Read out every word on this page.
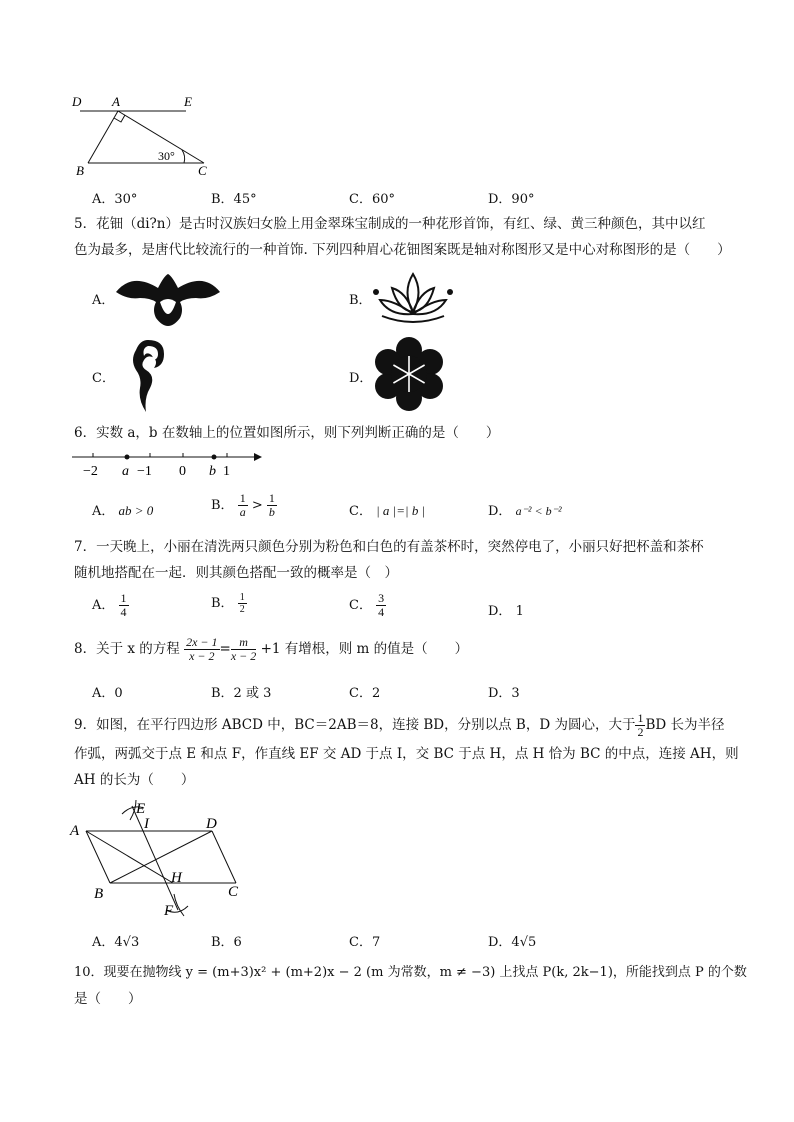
D A	E
B	C
30°
A．30°	B．45°	C．60°	D．90°
5．花钿（di?n）是古时汉族妇女脸上用金翠珠宝制成的一种花形首饰，有红、绿、黄三种颜色，其中以红
色为最多，是唐代比较流行的一种首饰. 下列四种眉心花钿图案既是轴对称图形又是中心对称图形的是（　　）
A．	B．
C．	D．
6．实数 a，b 在数轴上的位置如图所示，则下列判断正确的是（　　）
−2 a −1 0 b 1
A． ab > 0	B． $\frac{1}{a} > \frac{1}{b}$	C． | a |=| b |	D． a⁻² < b⁻²
7．一天晚上，小丽在清洗两只颜色分别为粉色和白色的有盖茶杯时，突然停电了，小丽只好把杯盖和茶杯
随机地搭配在一起．则其颜色搭配一致的概率是（　）
A． $\frac{1}{4}$	B． $\frac{1}{2}$	C． $\frac{3}{4}$	D． 1
8．关于 x 的方程 $\frac{2x - 1}{x - 2} = \frac{m}{x - 2} +1$ 有增根，则 m 的值是（　　）
A．0	B．2 或 3	C．2	D．3
9．如图，在平行四边形 ABCD 中，BC＝2AB＝8，连接 BD，分别以点 B，D 为圆心，大于 $\frac{1}{2}$ BD 长为半径
作弧，两弧交于点 E 和点 F，作直线 EF 交 AD 于点 I，交 BC 于点 H，点 H 恰为 BC 的中点，连接 AH，则
AH 的长为（　　）
A
E
I	D
B
H
C
F
A．4√3	B．6	C．7	D．4√5
10．现要在抛物线 y = (m+3)x² + (m+2)x − 2 (m 为常数，m ≠ −3) 上找点 P(k, 2k−1)，所能找到点 P 的个数
是（　　）
